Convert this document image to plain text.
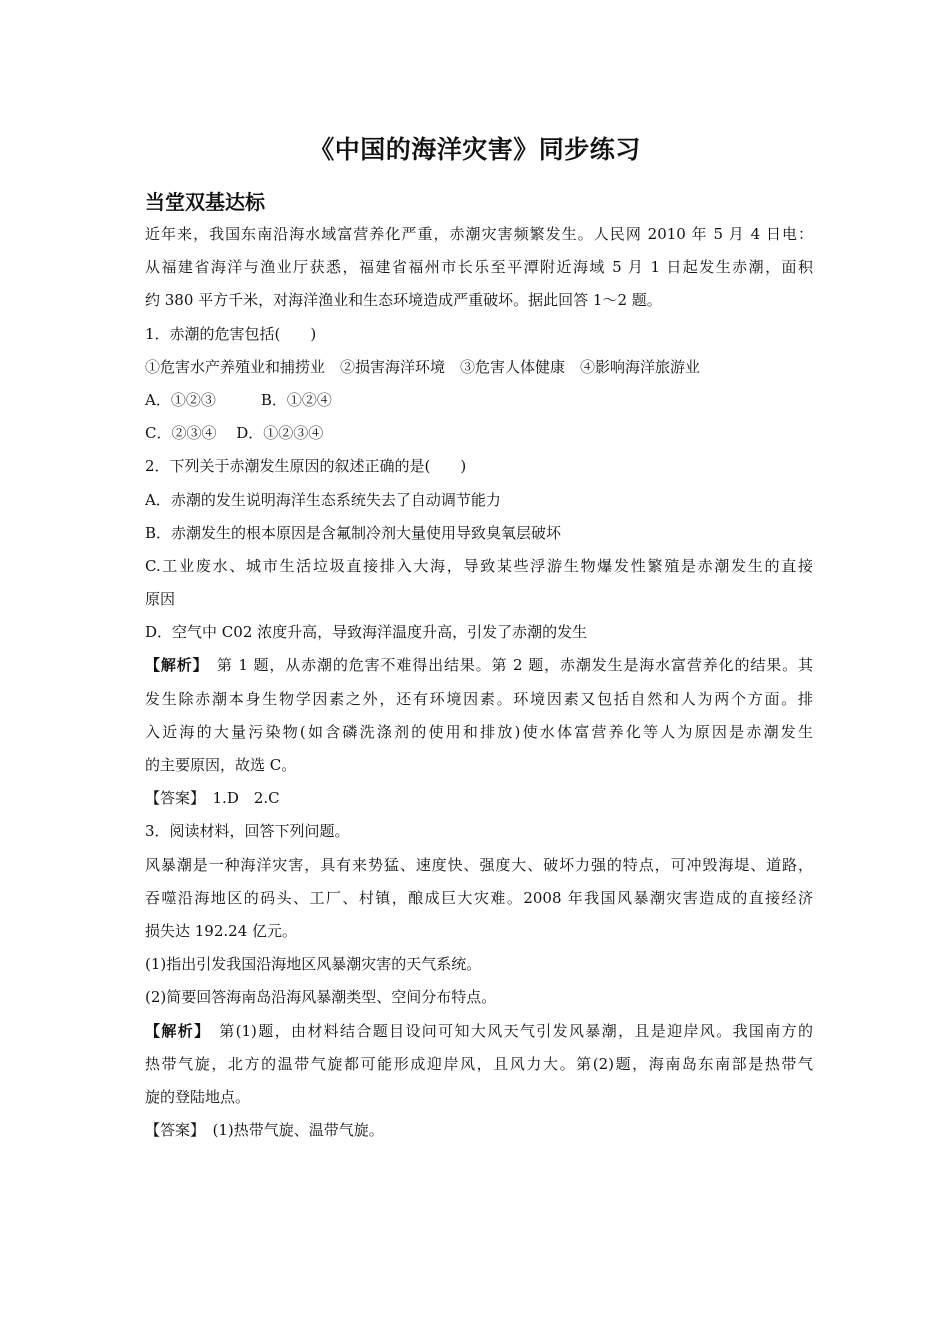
《中国的海洋灾害》同步练习
当堂双基达标
近年来，我国东南沿海水域富营养化严重，赤潮灾害频繁发生。人民网 2010 年 5 月 4 日电：
从福建省海洋与渔业厅获悉，福建省福州市长乐至平潭附近海域 5 月 1 日起发生赤潮，面积
约 380 平方千米，对海洋渔业和生态环境造成严重破坏。据此回答 1～2 题。
1．赤潮的危害包括(　　)
①危害水产养殖业和捕捞业　②损害海洋环境　③危害人体健康　④影响海洋旅游业
A．①②③　　　B．①②④
C．②③④　 D．①②③④
2．下列关于赤潮发生原因的叙述正确的是(　　)
A．赤潮的发生说明海洋生态系统失去了自动调节能力
B．赤潮发生的根本原因是含氟制冷剂大量使用导致臭氧层破坏
C.工业废水、城市生活垃圾直接排入大海，导致某些浮游生物爆发性繁殖是赤潮发生的直接
原因
D．空气中 C02 浓度升高，导致海洋温度升高，引发了赤潮的发生
【解析】　第 1 题，从赤潮的危害不难得出结果。第 2 题，赤潮发生是海水富营养化的结果。其
发生除赤潮本身生物学因素之外，还有环境因素。环境因素又包括自然和人为两个方面。排
入近海的大量污染物(如含磷洗涤剂的使用和排放)使水体富营养化等人为原因是赤潮发生
的主要原因，故选 C。
【答案】　1.D　2.C
3．阅读材料，回答下列问题。
风暴潮是一种海洋灾害，具有来势猛、速度快、强度大、破坏力强的特点，可冲毁海堤、道路，
吞噬沿海地区的码头、工厂、村镇，酿成巨大灾难。2008 年我国风暴潮灾害造成的直接经济
损失达 192.24 亿元。
(1)指出引发我国沿海地区风暴潮灾害的天气系统。
(2)简要回答海南岛沿海风暴潮类型、空间分布特点。
【解析】　第(1)题，由材料结合题目设问可知大风天气引发风暴潮，且是迎岸风。我国南方的
热带气旋，北方的温带气旋都可能形成迎岸风，且风力大。第(2)题，海南岛东南部是热带气
旋的登陆地点。
【答案】　(1)热带气旋、温带气旋。
